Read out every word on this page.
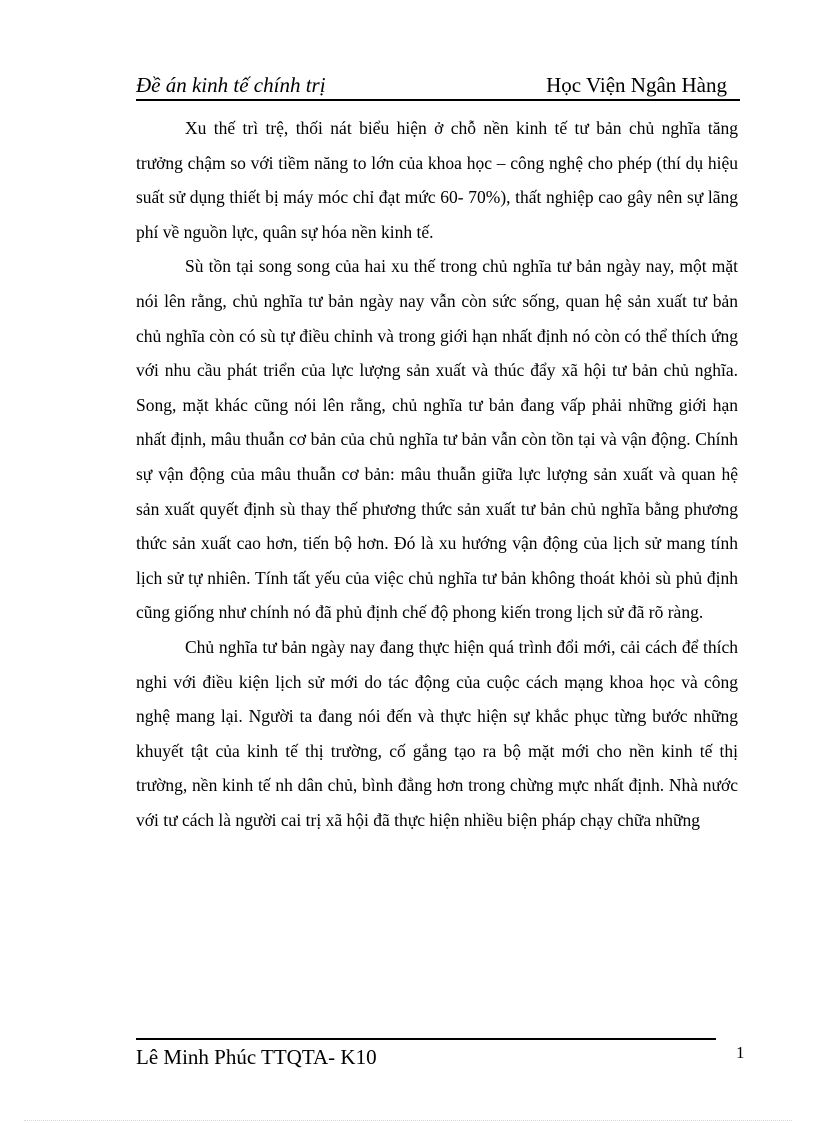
Đề án kinh tế chính trị	Học Viện Ngân Hàng

Xu thế trì trệ, thối nát biểu hiện ở chỗ nền kinh tế tư bản chủ nghĩa tăng trưởng chậm so với tiềm năng to lớn của khoa học – công nghệ cho phép (thí dụ hiệu suất sử dụng thiết bị máy móc chỉ đạt mức 60- 70%), thất nghiệp cao gây nên sự lãng phí về nguồn lực, quân sự hóa nền kinh tế.

Sù tồn tại song song của hai xu thế trong chủ nghĩa tư bản ngày nay, một mặt nói lên rằng, chủ nghĩa tư bản ngày nay vẫn còn sức sống, quan hệ sản xuất tư bản chủ nghĩa còn có sù tự điều chỉnh và trong giới hạn nhất định nó còn có thể thích ứng với nhu cầu phát triển của lực lượng sản xuất và thúc đẩy xã hội tư bản chủ nghĩa. Song, mặt khác cũng nói lên rằng, chủ nghĩa tư bản đang vấp phải những giới hạn nhất định, mâu thuẫn cơ bản của chủ nghĩa tư bản vẫn còn tồn tại và vận động. Chính sự vận động của mâu thuẫn cơ bản: mâu thuẫn giữa lực lượng sản xuất và quan hệ sản xuất quyết định sù thay thế phương thức sản xuất tư bản chủ nghĩa bằng phương thức sản xuất cao hơn, tiến bộ hơn. Đó là xu hướng vận động của lịch sử mang tính lịch sử tự nhiên. Tính tất yếu của việc chủ nghĩa tư bản không thoát khỏi sù phủ định cũng giống như chính nó đã phủ định chế độ phong kiến trong lịch sử đã rõ ràng.

Chủ nghĩa tư bản ngày nay đang thực hiện quá trình đổi mới, cải cách để thích nghi với điều kiện lịch sử mới do tác động của cuộc cách mạng khoa học và công nghệ mang lại. Người ta đang nói đến và thực hiện sự khắc phục từng bước những khuyết tật của kinh tế thị trường, cố gắng tạo ra bộ mặt mới cho nền kinh tế thị trường, nền kinh tế nh dân chủ, bình đẳng hơn trong chừng mực nhất định. Nhà nước với tư cách là người cai trị xã hội đã thực hiện nhiều biện pháp chạy chữa những

Lê Minh Phúc TTQTA- K10	1
